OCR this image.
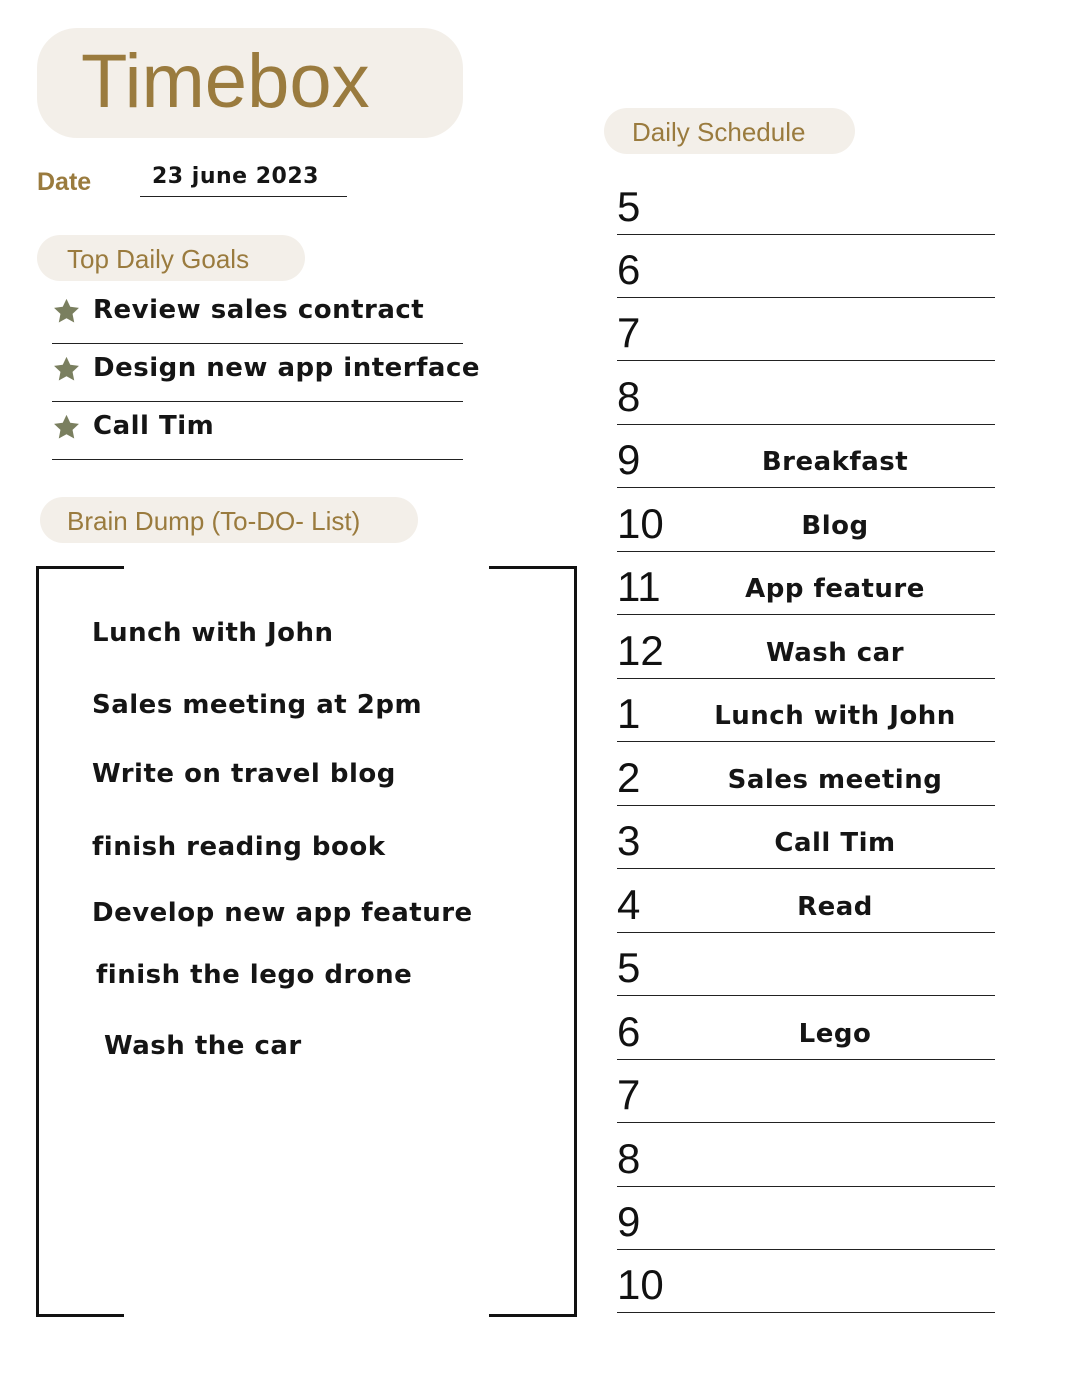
Timebox
Date	23 june 2023
Top Daily Goals
Review sales contract
Design new app interface
Call Tim
Brain Dump (To-DO- List)
Lunch with John
Sales meeting at 2pm
Write on travel blog
finish reading book
Develop new app feature
finish the lego drone
Wash the car
Daily Schedule
5
6
7
8
9	Breakfast
10	Blog
11	App feature
12	Wash car
1	Lunch with John
2	Sales meeting
3	Call Tim
4	Read
5
6	Lego
7
8
9
10
